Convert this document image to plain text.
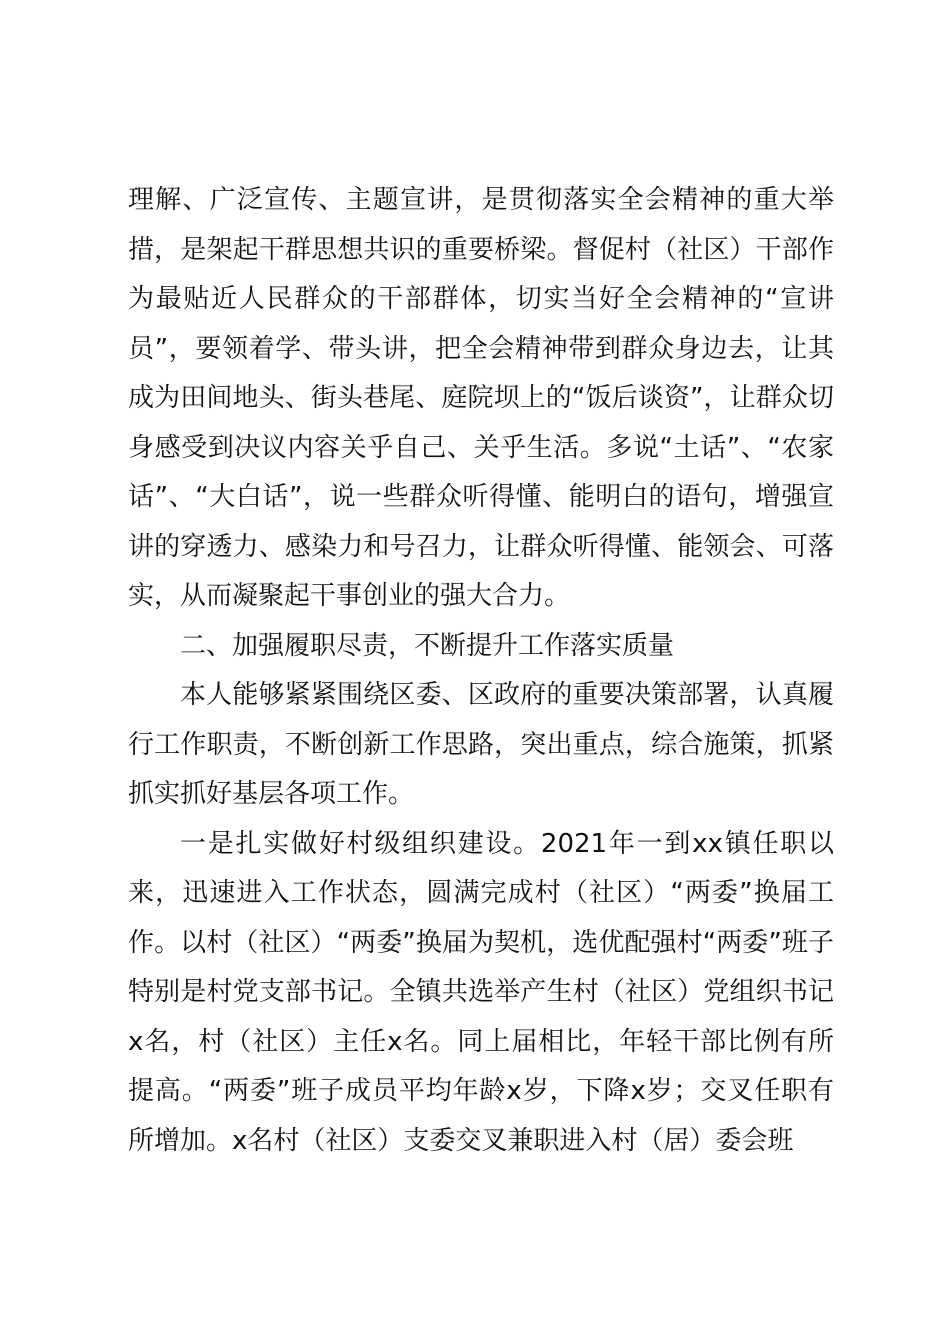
理解、广泛宣传、主题宣讲，是贯彻落实全会精神的重大举措，是架起干群思想共识的重要桥梁。督促村（社区）干部作为最贴近人民群众的干部群体，切实当好全会精神的“宣讲员”，要领着学、带头讲，把全会精神带到群众身边去，让其成为田间地头、街头巷尾、庭院坝上的“饭后谈资”，让群众切身感受到决议内容关乎自己、关乎生活。多说“土话”、“农家话”、“大白话”，说一些群众听得懂、能明白的语句，增强宣讲的穿透力、感染力和号召力，让群众听得懂、能领会、可落实，从而凝聚起干事创业的强大合力。

二、加强履职尽责，不断提升工作落实质量

本人能够紧紧围绕区委、区政府的重要决策部署，认真履行工作职责，不断创新工作思路，突出重点，综合施策，抓紧抓实抓好基层各项工作。

一是扎实做好村级组织建设。2021年一到xx镇任职以来，迅速进入工作状态，圆满完成村（社区）“两委”换届工作。以村（社区）“两委”换届为契机，选优配强村“两委”班子特别是村党支部书记。全镇共选举产生村（社区）党组织书记x名，村（社区）主任x名。同上届相比，年轻干部比例有所提高。“两委”班子成员平均年龄x岁，下降x岁；交叉任职有所增加。x名村（社区）支委交叉兼职进入村（居）委会班
